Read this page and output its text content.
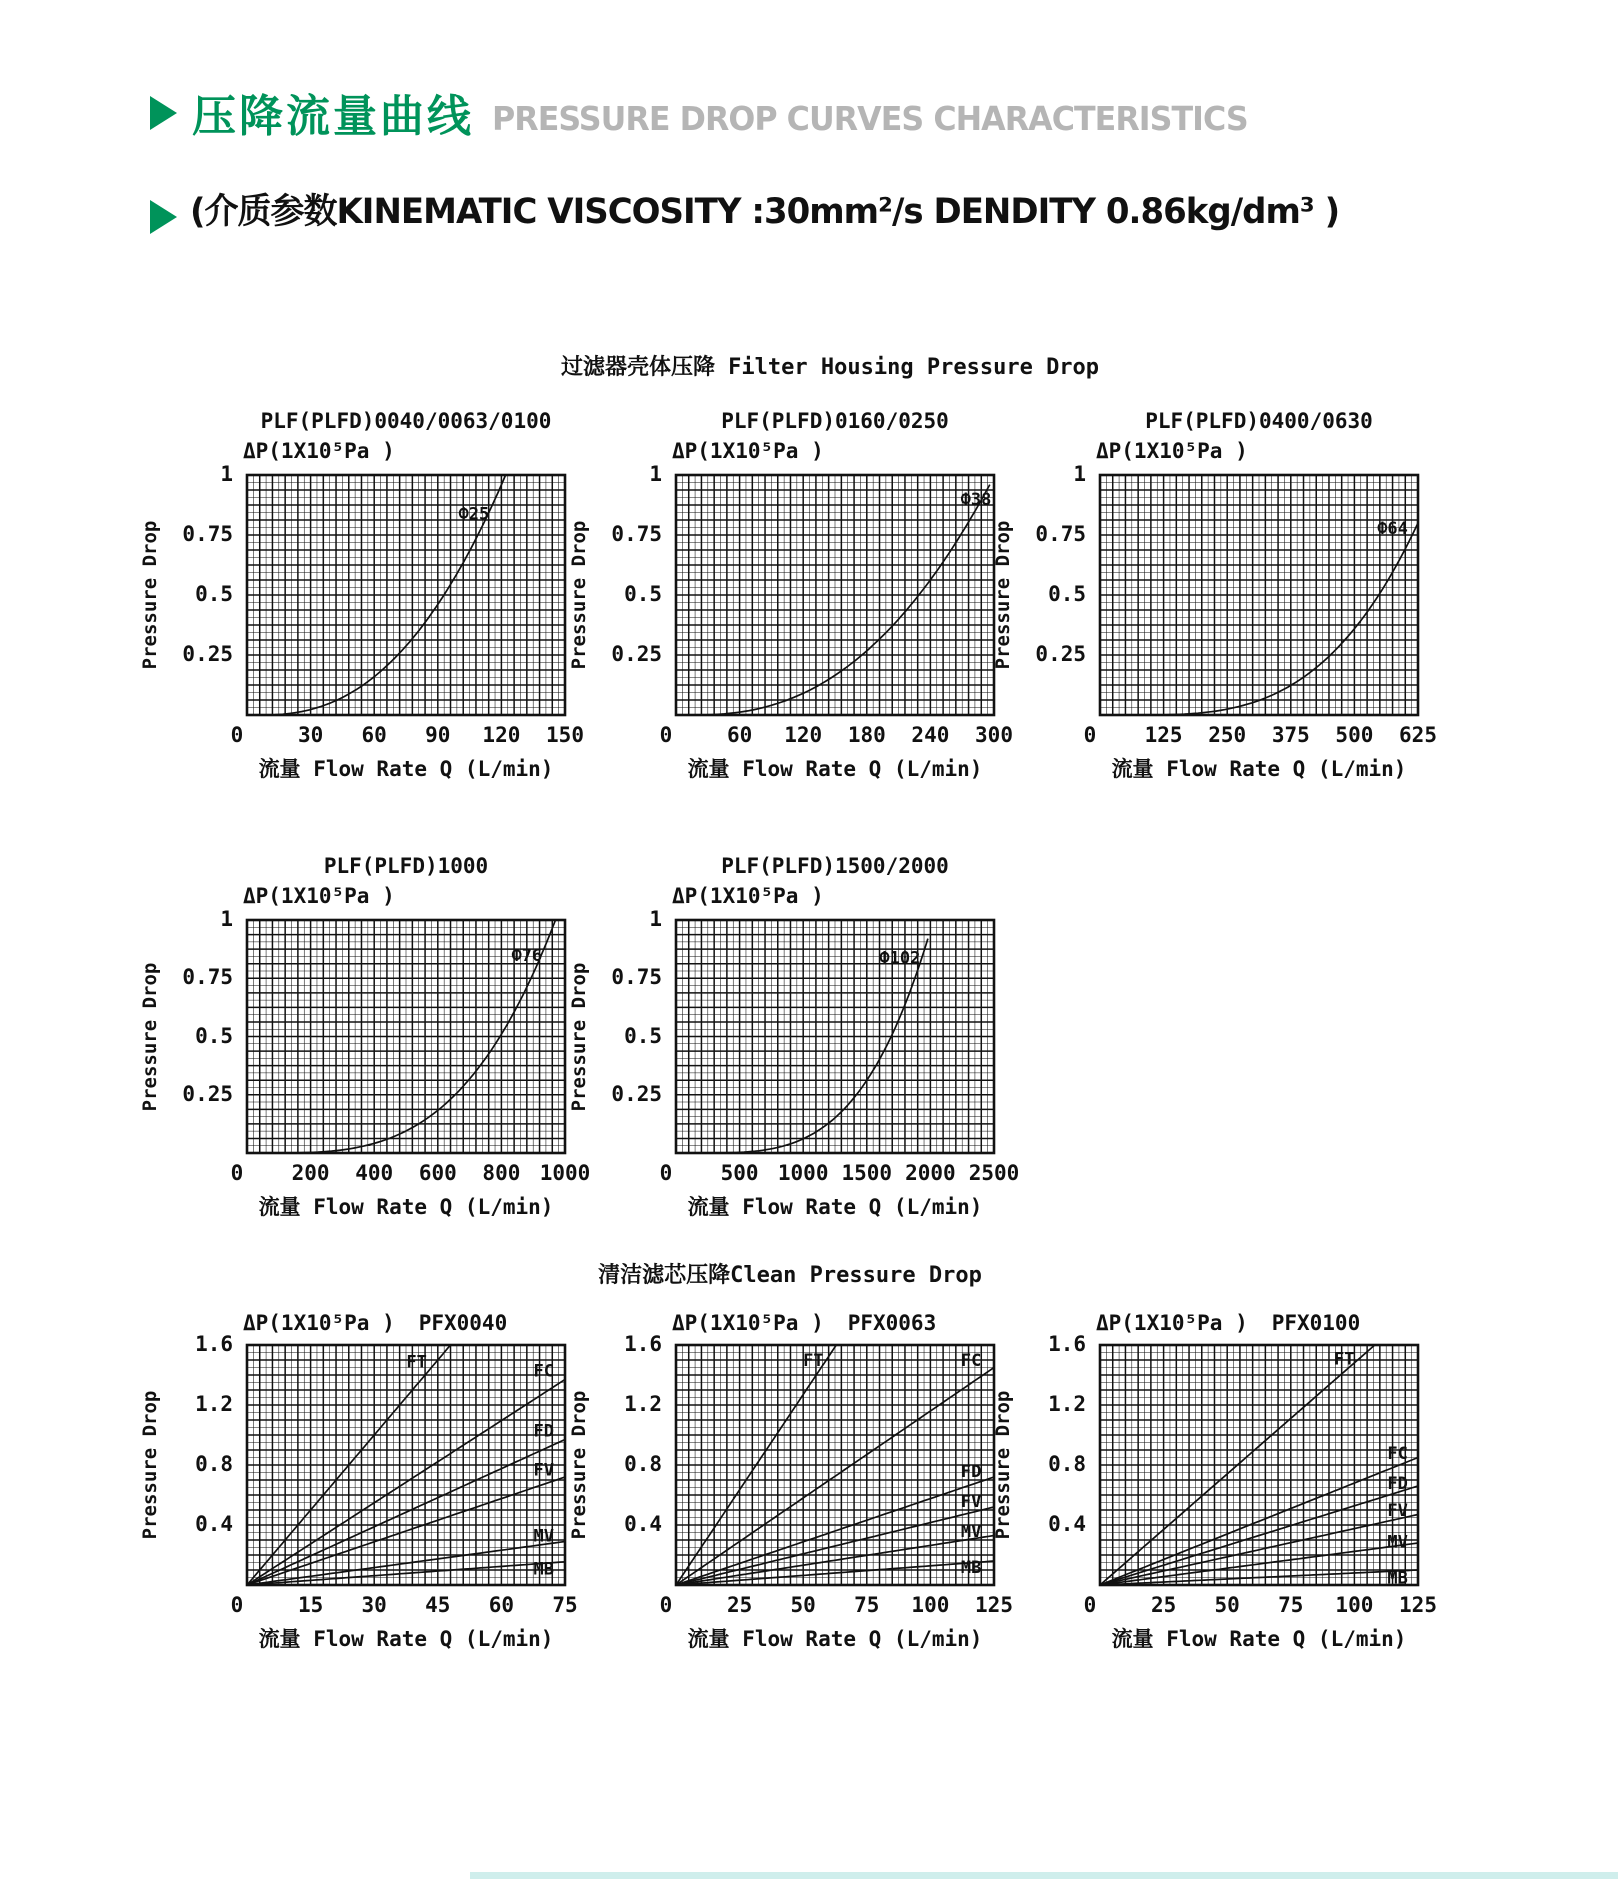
压降流量曲线 PRESSURE DROP CURVES CHARACTERISTICS
(介质参数KINEMATIC VISCOSITY :30mm²/s DENDITY 0.86kg/dm³ )
过滤器壳体压降 Filter Housing Pressure Drop
清洁滤芯压降Clean Pressure Drop
PLF(PLFD)0040/0063/0100
ΔP(1X10⁵Pa )
Pressure Drop
1
0.75
0.5
0.25
0	30	60	90	120	150
流量 Flow Rate Q (L/min)
Ф25
PLF(PLFD)0160/0250
ΔP(1X10⁵Pa )
Pressure Drop
1
0.75
0.5
0.25
0	60	120	180	240	300
流量 Flow Rate Q (L/min)
Ф38
PLF(PLFD)0400/0630
ΔP(1X10⁵Pa )
Pressure Drop
1
0.75
0.5
0.25
0	125	250	375	500	625
流量 Flow Rate Q (L/min)
Ф64
PLF(PLFD)1000
ΔP(1X10⁵Pa )
Pressure Drop
1
0.75
0.5
0.25
0	200	400	600	800 1000
流量 Flow Rate Q (L/min)
Ф76
PLF(PLFD)1500/2000
ΔP(1X10⁵Pa )
Pressure Drop
1
0.75
0.5
0.25
0	500 1000 1500 2000 2500
流量 Flow Rate Q (L/min)
Ф102
ΔP(1X10⁵Pa ) PFX0040
Pressure Drop
1.6
1.2
0.8
0.4
0	15	30	45	60	75
流量 Flow Rate Q (L/min)
FT	FC
FD
FV
MV
MB
ΔP(1X10⁵Pa ) PFX0063
Pressure Drop
1.6
1.2
0.8
0.4
0	25	50	75	100	125
流量 Flow Rate Q (L/min)
FT	FC
FD
FV
MV
MB
ΔP(1X10⁵Pa ) PFX0100
Pressure Drop
1.6
1.2
0.8
0.4
0	25	50	75	100	125
流量 Flow Rate Q (L/min)
FT
FC
FD
FV
MV
MB
